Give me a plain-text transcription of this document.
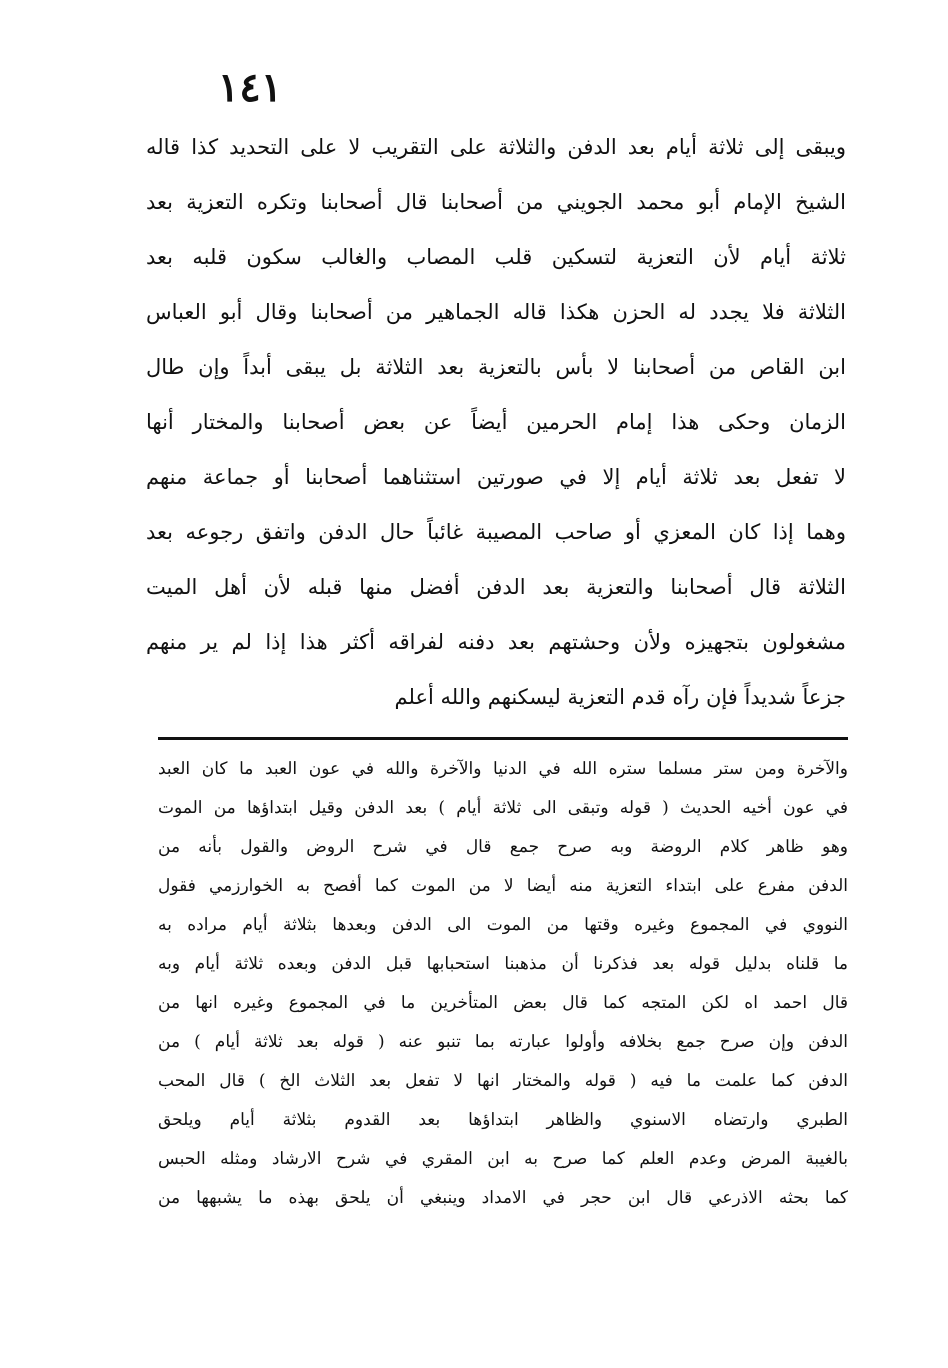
١٤١
ويبقى إلى ثلاثة أيام بعد الدفن والثلاثة على التقريب لا على التحديد كذا قاله
الشيخ الإمام أبو محمد الجويني من أصحابنا قال أصحابنا وتكره التعزية بعد
ثلاثة أيام لأن التعزية لتسكين قلب المصاب والغالب سكون قلبه بعد
الثلاثة فلا يجدد له الحزن هكذا قاله الجماهير من أصحابنا وقال أبو العباس
ابن القاص من أصحابنا لا بأس بالتعزية بعد الثلاثة بل يبقى أبداً وإن طال
الزمان وحكى هذا إمام الحرمين أيضاً عن بعض أصحابنا والمختار أنها
لا تفعل بعد ثلاثة أيام إلا في صورتين استثناهما أصحابنا أو جماعة منهم
وهما إذا كان المعزي أو صاحب المصيبة غائباً حال الدفن واتفق رجوعه بعد
الثلاثة قال أصحابنا والتعزية بعد الدفن أفضل منها قبله لأن أهل الميت
مشغولون بتجهيزه ولأن وحشتهم بعد دفنه لفراقه أكثر هذا إذا لم ير منهم
جزعاً شديداً فإن رآه قدم التعزية ليسكنهم والله أعلم
والآخرة ومن ستر مسلما ستره الله في الدنيا والآخرة والله في عون العبد ما كان العبد
في عون أخيه الحديث ( قوله وتبقى الى ثلاثة أيام ) بعد الدفن وقيل ابتداؤها من الموت
وهو ظاهر كلام الروضة وبه صرح جمع قال في شرح الروض والقول بأنه من
الدفن مفرع على ابتداء التعزية منه أيضا لا من الموت كما أفصح به الخوارزمي فقول
النووي في المجموع وغيره وقتها من الموت الى الدفن وبعدها بثلاثة أيام مراده به
ما قلناه بدليل قوله بعد فذكرنا أن مذهبنا استحبابها قبل الدفن وبعده ثلاثة أيام وبه
قال احمد اه لكن المتجه كما قال بعض المتأخرين ما في المجموع وغيره انها من
الدفن وإن صرح جمع بخلافه وأولوا عبارته بما تنبو عنه ( قوله بعد ثلاثة أيام ) من
الدفن كما علمت ما فيه ( قوله والمختار انها لا تفعل بعد الثلاث الخ ) قال المحب
الطبري وارتضاه الاسنوي والظاهر ابتداؤها بعد القدوم بثلاثة أيام ويلحق
بالغيبة المرض وعدم العلم كما صرح به ابن المقري في شرح الارشاد ومثله الحبس
كما بحثه الاذرعي قال ابن حجر في الامداد وينبغي أن يلحق بهذه ما يشبهها من
